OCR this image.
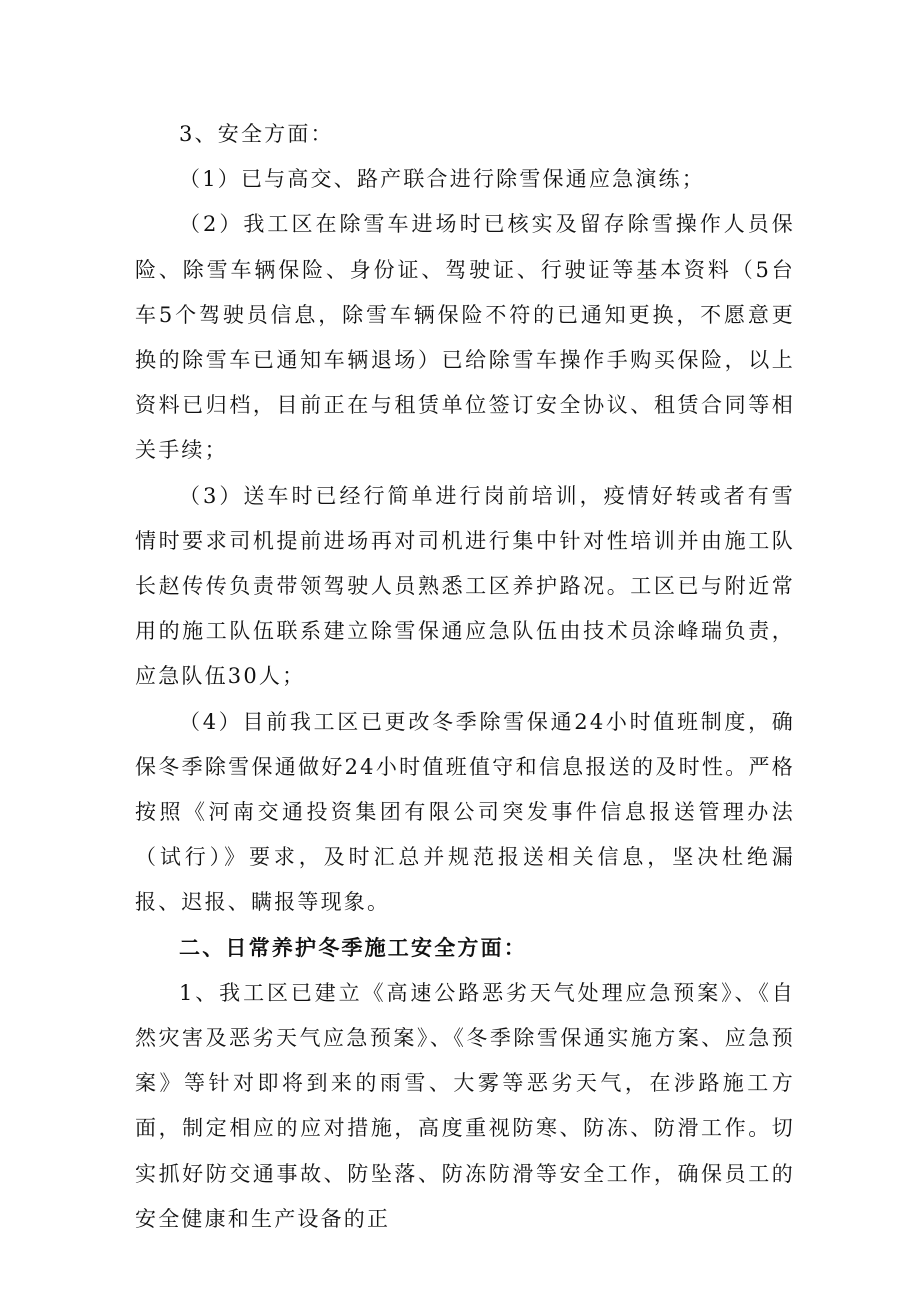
3、安全方面：

（1）已与高交、路产联合进行除雪保通应急演练；

（2）我工区在除雪车进场时已核实及留存除雪操作人员保险、除雪车辆保险、身份证、驾驶证、行驶证等基本资料（5台车5个驾驶员信息，除雪车辆保险不符的已通知更换，不愿意更换的除雪车已通知车辆退场）已给除雪车操作手购买保险，以上资料已归档，目前正在与租赁单位签订安全协议、租赁合同等相关手续；

（3）送车时已经行简单进行岗前培训，疫情好转或者有雪情时要求司机提前进场再对司机进行集中针对性培训并由施工队长赵传传负责带领驾驶人员熟悉工区养护路况。工区已与附近常用的施工队伍联系建立除雪保通应急队伍由技术员涂峰瑞负责，应急队伍30人；

（4）目前我工区已更改冬季除雪保通24小时值班制度，确保冬季除雪保通做好24小时值班值守和信息报送的及时性。严格按照《河南交通投资集团有限公司突发事件信息报送管理办法（试行）》要求，及时汇总并规范报送相关信息，坚决杜绝漏报、迟报、瞒报等现象。

二、日常养护冬季施工安全方面：

1、我工区已建立《高速公路恶劣天气处理应急预案》、《自然灾害及恶劣天气应急预案》、《冬季除雪保通实施方案、应急预案》等针对即将到来的雨雪、大雾等恶劣天气，在涉路施工方面，制定相应的应对措施，高度重视防寒、防冻、防滑工作。切实抓好防交通事故、防坠落、防冻防滑等安全工作，确保员工的安全健康和生产设备的正
